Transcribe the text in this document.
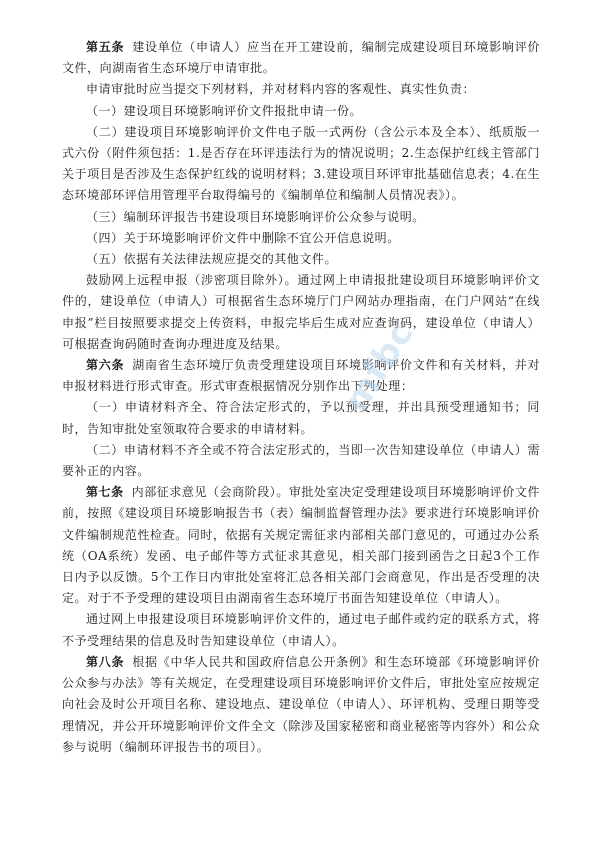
第五条 建设单位（申请人）应当在开工建设前，编制完成建设项目环境影响评价文件，向湖南省生态环境厅申请审批。

申请审批时应当提交下列材料，并对材料内容的客观性、真实性负责：

（一）建设项目环境影响评价文件报批申请一份。

（二）建设项目环境影响评价文件电子版一式两份（含公示本及全本）、纸质版一式六份（附件须包括：1.是否存在环评违法行为的情况说明；2.生态保护红线主管部门关于项目是否涉及生态保护红线的说明材料；3.建设项目环评审批基础信息表；4.在生态环境部环评信用管理平台取得编号的《编制单位和编制人员情况表》）。

（三）编制环评报告书建设项目环境影响评价公众参与说明。

（四）关于环境影响评价文件中删除不宜公开信息说明。

（五）依据有关法律法规应提交的其他文件。

鼓励网上远程申报（涉密项目除外）。通过网上申请报批建设项目环境影响评价文件的，建设单位（申请人）可根据省生态环境厅门户网站办理指南，在门户网站“在线申报”栏目按照要求提交上传资料，申报完毕后生成对应查询码，建设单位（申请人）可根据查询码随时查询办理进度及结果。

第六条 湖南省生态环境厅负责受理建设项目环境影响评价文件和有关材料，并对申报材料进行形式审查。形式审查根据情况分别作出下列处理：

（一）申请材料齐全、符合法定形式的，予以预受理，并出具预受理通知书；同时，告知审批处室领取符合要求的申请材料。

（二）申请材料不齐全或不符合法定形式的，当即一次告知建设单位（申请人）需要补正的内容。

第七条 内部征求意见（会商阶段）。审批处室决定受理建设项目环境影响评价文件前，按照《建设项目环境影响报告书（表）编制监督管理办法》要求进行环境影响评价文件编制规范性检查。同时，依据有关规定需征求内部相关部门意见的，可通过办公系统（OA系统）发函、电子邮件等方式征求其意见，相关部门接到函告之日起3个工作日内予以反馈。5个工作日内审批处室将汇总各相关部门会商意见，作出是否受理的决定。对于不予受理的建设项目由湖南省生态环境厅书面告知建设单位（申请人）。

通过网上申报建设项目环境影响评价文件的，通过电子邮件或约定的联系方式，将不予受理结果的信息及时告知建设单位（申请人）。

第八条 根据《中华人民共和国政府信息公开条例》和生态环境部《环境影响评价公众参与办法》等有关规定，在受理建设项目环境影响评价文件后，审批处室应按规定向社会及时公开项目名称、建设地点、建设单位（申请人）、环评机构、受理日期等受理情况，并公开环境影响评价文件全文（除涉及国家秘密和商业秘密等内容外）和公众参与说明（编制环评报告书的项目）。

mfbc
